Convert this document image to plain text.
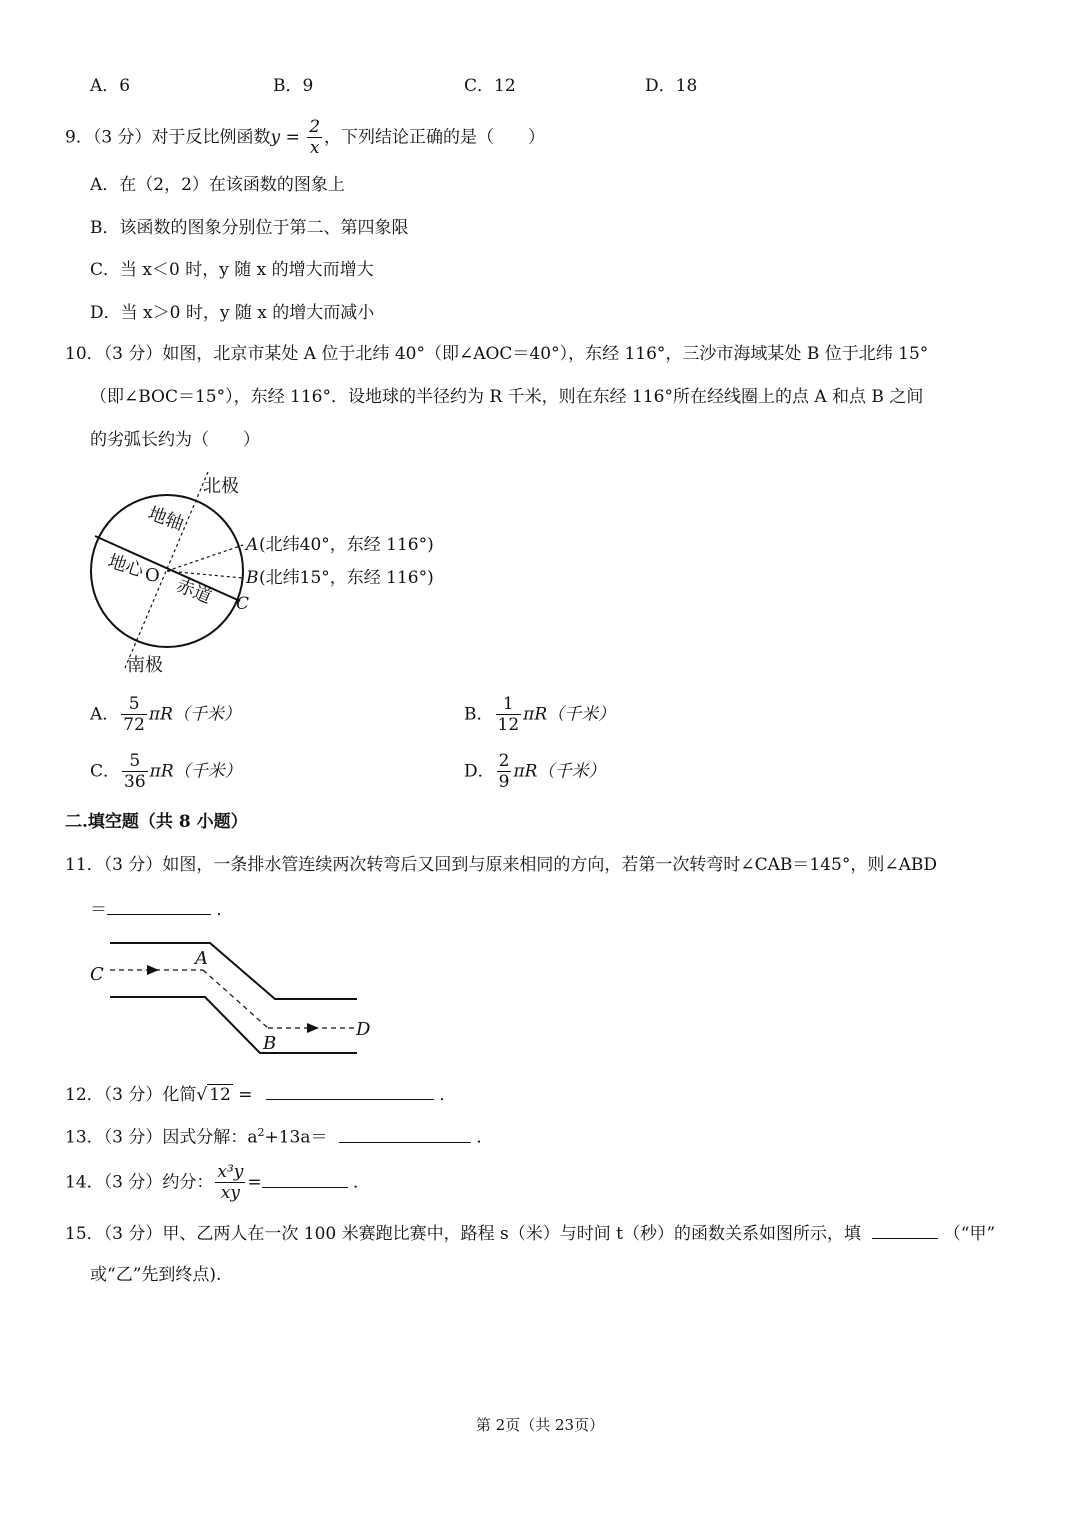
A．6	B．9	C．12	D．18
9．（3 分）对于反比例函数$y = \frac{2}{x}$ ，下列结论正确的是（　　）
A．在（2，2）在该函数的图象上
B．该函数的图象分别位于第二、第四象限
C．当 x＜0 时，y 随 x 的增大而增大
D．当 x＞0 时，y 随 x 的增大而减小
10．（3 分）如图，北京市某处 A 位于北纬 40°（即∠AOC＝40°），东经 116°，三沙市海域某处 B 位于北纬 15°
（即∠BOC＝15°），东经 116°．设地球的半径约为 R 千米，则在东经 116°所在经线圈上的点 A 和点 B 之间
的劣弧长约为（　　）
北极
地轴
地心
O 赤道
A (北纬40°，东经 116°)
B (北纬15°，东经 116°)
C
南极
A． $\frac{5}{72} \pi R$（千米）	B． $\frac{1}{12} \pi R$（千米）
C． $\frac{5}{36} \pi R$（千米）	D． $\frac{2}{9} \pi R$（千米）
二.填空题（共 8 小题）
11．（3 分）如图，一条排水管连续两次转弯后又回到与原来相同的方向，若第一次转弯时∠CAB＝145°，则∠ABD
＝	．
C
A
B
D
12．（3 分）化简√ 12 =	．
13．（3 分）因式分解：$a^2+13a=$	．
14．（3 分）约分： $\frac{\text{x³y}}{xy}$ =	．
15．（3 分）甲、乙两人在一次 100 米赛跑比赛中，路程 s（米）与时间 t（秒）的函数关系如图所示，填	（“甲”
或“乙”先到终点).
第 2页（共 23页）
